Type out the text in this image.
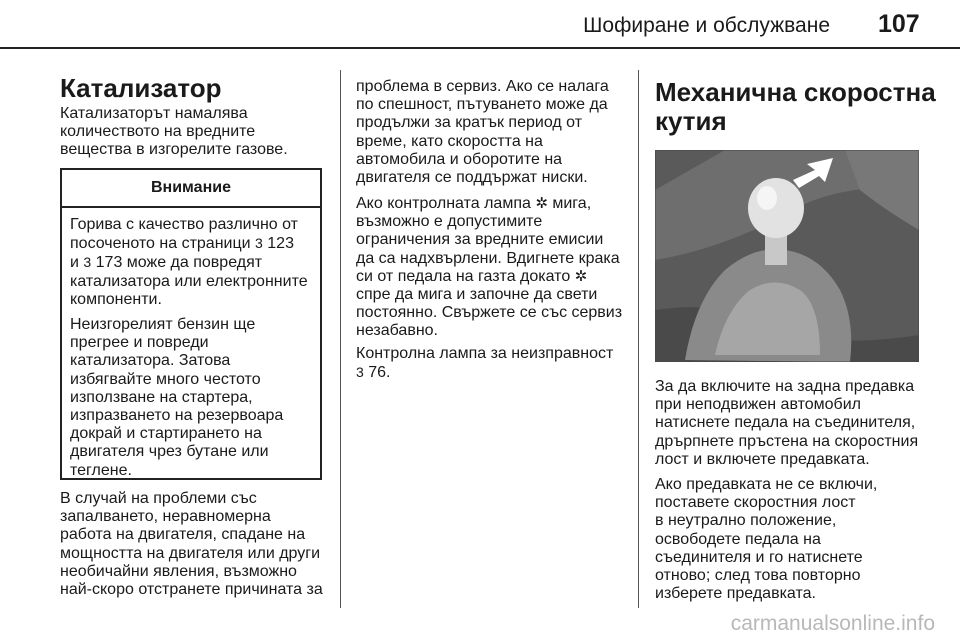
Шофиране и обслужване 107
Катализатор

Катализаторът намалява
количеството на вредните
вещества в изгорелите газове.

Внимание

Горива с качество различно от
посоченото на страници 3 123
и 3 173 може да повредят
катализатора или електронните
компоненти.

Неизгорелият бензин ще
прегрее и повреди
катализатора. Затова
избягвайте много честото
използване на стартера,
изпразването на резервоара
докрай и стартирането на
двигателя чрез бутане или
теглене.

В случай на проблеми със
запалването, неравномерна
работа на двигателя, спадане на
мощността на двигателя или други
необичайни явления, възможно
най-скоро отстранете причината за

проблема в сервиз. Ако се налага
по спешност, пътуването може да
продължи за кратък период от
време, като скоростта на
автомобила и оборотите на
двигателя се поддържат ниски.

Ако контролната лампа ✲ мига,
възможно е допустимите
ограничения за вредните емисии
да са надхвърлени. Вдигнете крака
си от педала на газта докато ✲
спре да мига и започне да свети
постоянно. Свържете се със сервиз
незабавно.

Контролна лампа за неизправност
3 76.

Механична скоростна
кутия

За да включите на задна предавка
при неподвижен автомобил
натиснете педала на съединителя,
дрърпнете пръстена на скоростния
лост и включете предавката.

Ако предавката не се включи,
поставете скоростния лост
в неутрално положение,
освободете педала на
съединителя и го натиснете
отново; след това повторно
изберете предавката.

carmanualsonline.info
